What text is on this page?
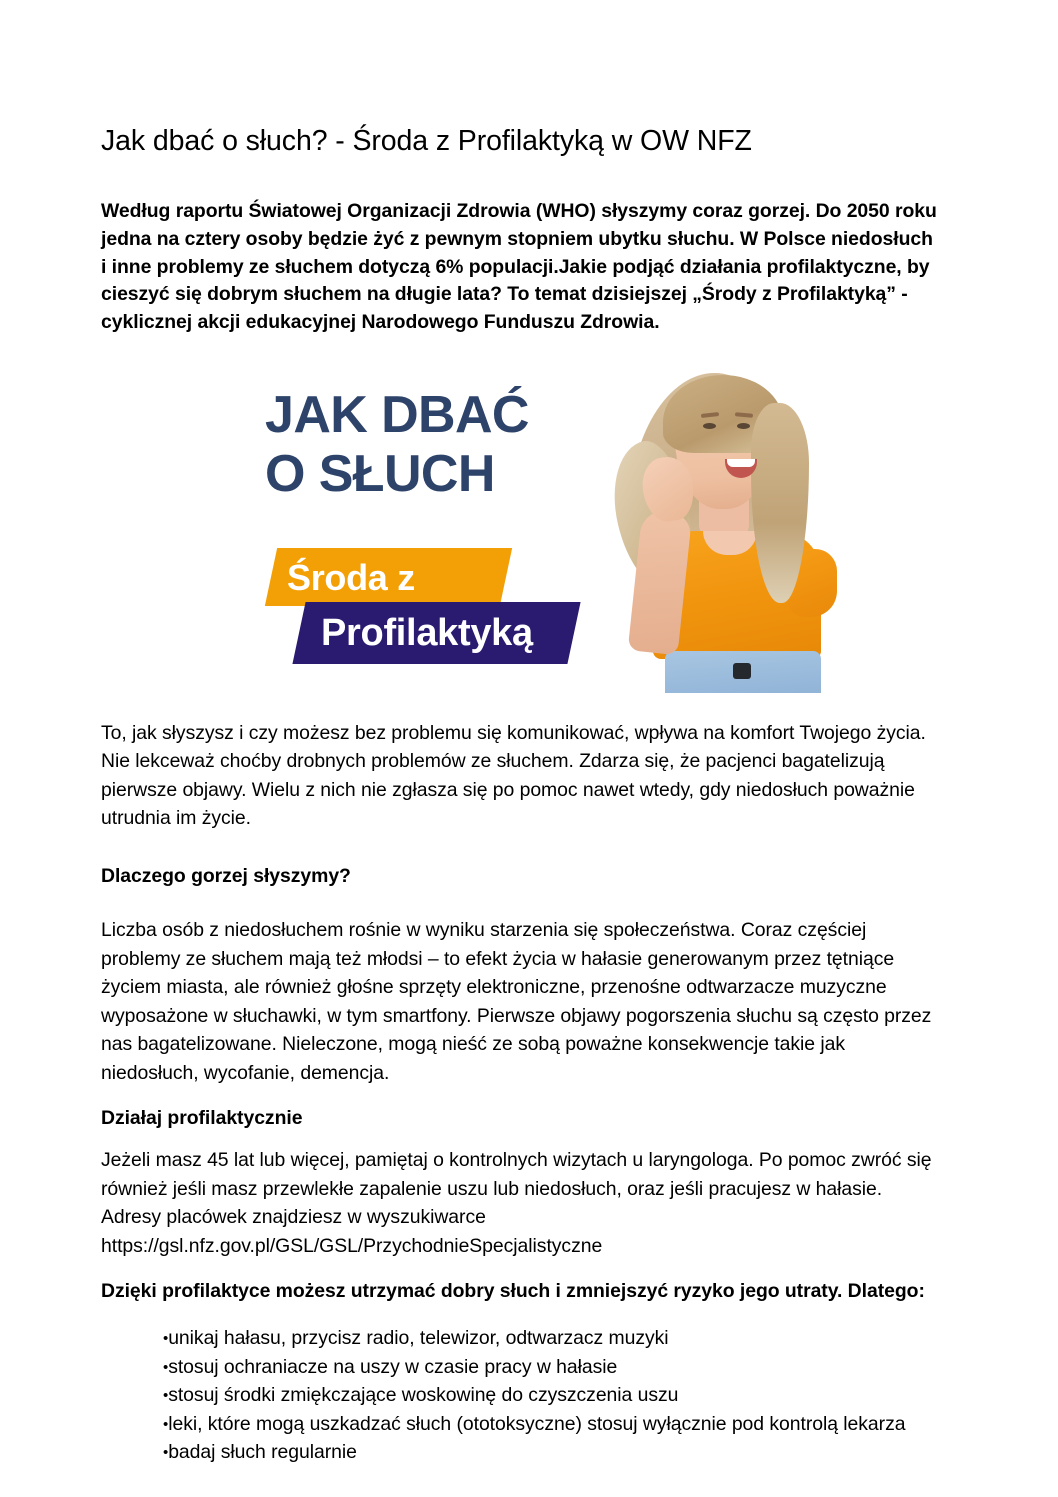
Jak dbać o słuch? - Środa z Profilaktyką w OW NFZ

Według raportu Światowej Organizacji Zdrowia (WHO) słyszymy coraz gorzej. Do 2050 roku jedna na cztery osoby będzie żyć z pewnym stopniem ubytku słuchu. W Polsce niedosłuch i inne problemy ze słuchem dotyczą 6% populacji.Jakie podjąć działania profilaktyczne, by cieszyć się dobrym słuchem na długie lata? To temat dzisiejszej „Środy z Profilaktyką” - cyklicznej akcji edukacyjnej Narodowego Funduszu Zdrowia.

JAK DBAĆ
O SŁUCH
Środa z
Profilaktyką

To, jak słyszysz i czy możesz bez problemu się komunikować, wpływa na komfort Twojego życia. Nie lekceważ choćby drobnych problemów ze słuchem. Zdarza się, że pacjenci bagatelizują pierwsze objawy. Wielu z nich nie zgłasza się po pomoc nawet wtedy, gdy niedosłuch poważnie utrudnia im życie.

Dlaczego gorzej słyszymy?

Liczba osób z niedosłuchem rośnie w wyniku starzenia się społeczeństwa. Coraz częściej problemy ze słuchem mają też młodsi – to efekt życia w hałasie generowanym przez tętniące życiem miasta, ale również głośne sprzęty elektroniczne, przenośne odtwarzacze muzyczne wyposażone w słuchawki, w tym smartfony. Pierwsze objawy pogorszenia słuchu są często przez nas bagatelizowane. Nieleczone, mogą nieść ze sobą poważne konsekwencje takie jak niedosłuch, wycofanie, demencja.

Działaj profilaktycznie

Jeżeli masz 45 lat lub więcej, pamiętaj o kontrolnych wizytach u laryngologa. Po pomoc zwróć się również jeśli masz przewlekłe zapalenie uszu lub niedosłuch, oraz jeśli pracujesz w hałasie. Adresy placówek znajdziesz w wyszukiwarce https://gsl.nfz.gov.pl/GSL/GSL/PrzychodnieSpecjalistyczne

Dzięki profilaktyce możesz utrzymać dobry słuch i zmniejszyć ryzyko jego utraty. Dlatego:

• unikaj hałasu, przycisz radio, telewizor, odtwarzacz muzyki
• stosuj ochraniacze na uszy w czasie pracy w hałasie
• stosuj środki zmiękczające woskowinę do czyszczenia uszu
• leki, które mogą uszkadzać słuch (ototoksyczne) stosuj wyłącznie pod kontrolą lekarza
• badaj słuch regularnie
